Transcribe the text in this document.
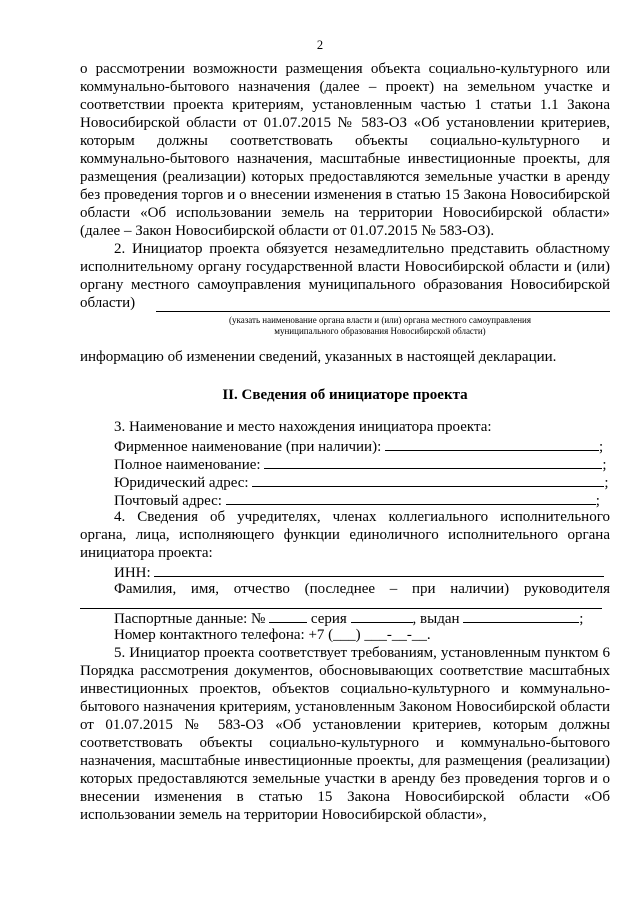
2

о рассмотрении возможности размещения объекта социально-культурного или коммунально-бытового назначения (далее – проект) на земельном участке и соответствии проекта критериям, установленным частью 1 статьи 1.1 Закона Новосибирской области от 01.07.2015 № 583-ОЗ «Об установлении критериев, которым должны соответствовать объекты социально-культурного и коммунально-бытового назначения, масштабные инвестиционные проекты, для размещения (реализации) которых предоставляются земельные участки в аренду без проведения торгов и о внесении изменения в статью 15 Закона Новосибирской области «Об использовании земель на территории Новосибирской области» (далее – Закон Новосибирской области от 01.07.2015 № 583-ОЗ).

2. Инициатор проекта обязуется незамедлительно представить областному исполнительному органу государственной власти Новосибирской области и (или) органу местного самоуправления муниципального образования Новосибирской области)

(указать наименование органа власти и (или) органа местного самоуправления
муниципального образования Новосибирской области)

информацию об изменении сведений, указанных в настоящей декларации.

II. Сведения об инициаторе проекта
3. Наименование и место нахождения инициатора проекта:
Фирменное наименование (при наличии):	;
Полное наименование:	;
Юридический адрес:	;
Почтовый адрес:	;

4. Сведения об учредителях, членах коллегиального исполнительного органа, лица, исполняющего функции единоличного исполнительного органа инициатора проекта:

ИНН:
Фамилия, имя, отчество (последнее – при наличии) руководителя
Паспортные данные: №	серия	, выдан	;
Номер контактного телефона: +7 (___) ___-__-__.

5. Инициатор проекта соответствует требованиям, установленным пунктом 6 Порядка рассмотрения документов, обосновывающих соответствие масштабных инвестиционных проектов, объектов социально-культурного и коммунально-бытового назначения критериям, установленным Законом Новосибирской области от 01.07.2015 № 583-ОЗ «Об установлении критериев, которым должны соответствовать объекты социально-культурного и коммунально-бытового назначения, масштабные инвестиционные проекты, для размещения (реализации) которых предоставляются земельные участки в аренду без проведения торгов и о внесении изменения в статью 15 Закона Новосибирской области «Об использовании земель на территории Новосибирской области»,
